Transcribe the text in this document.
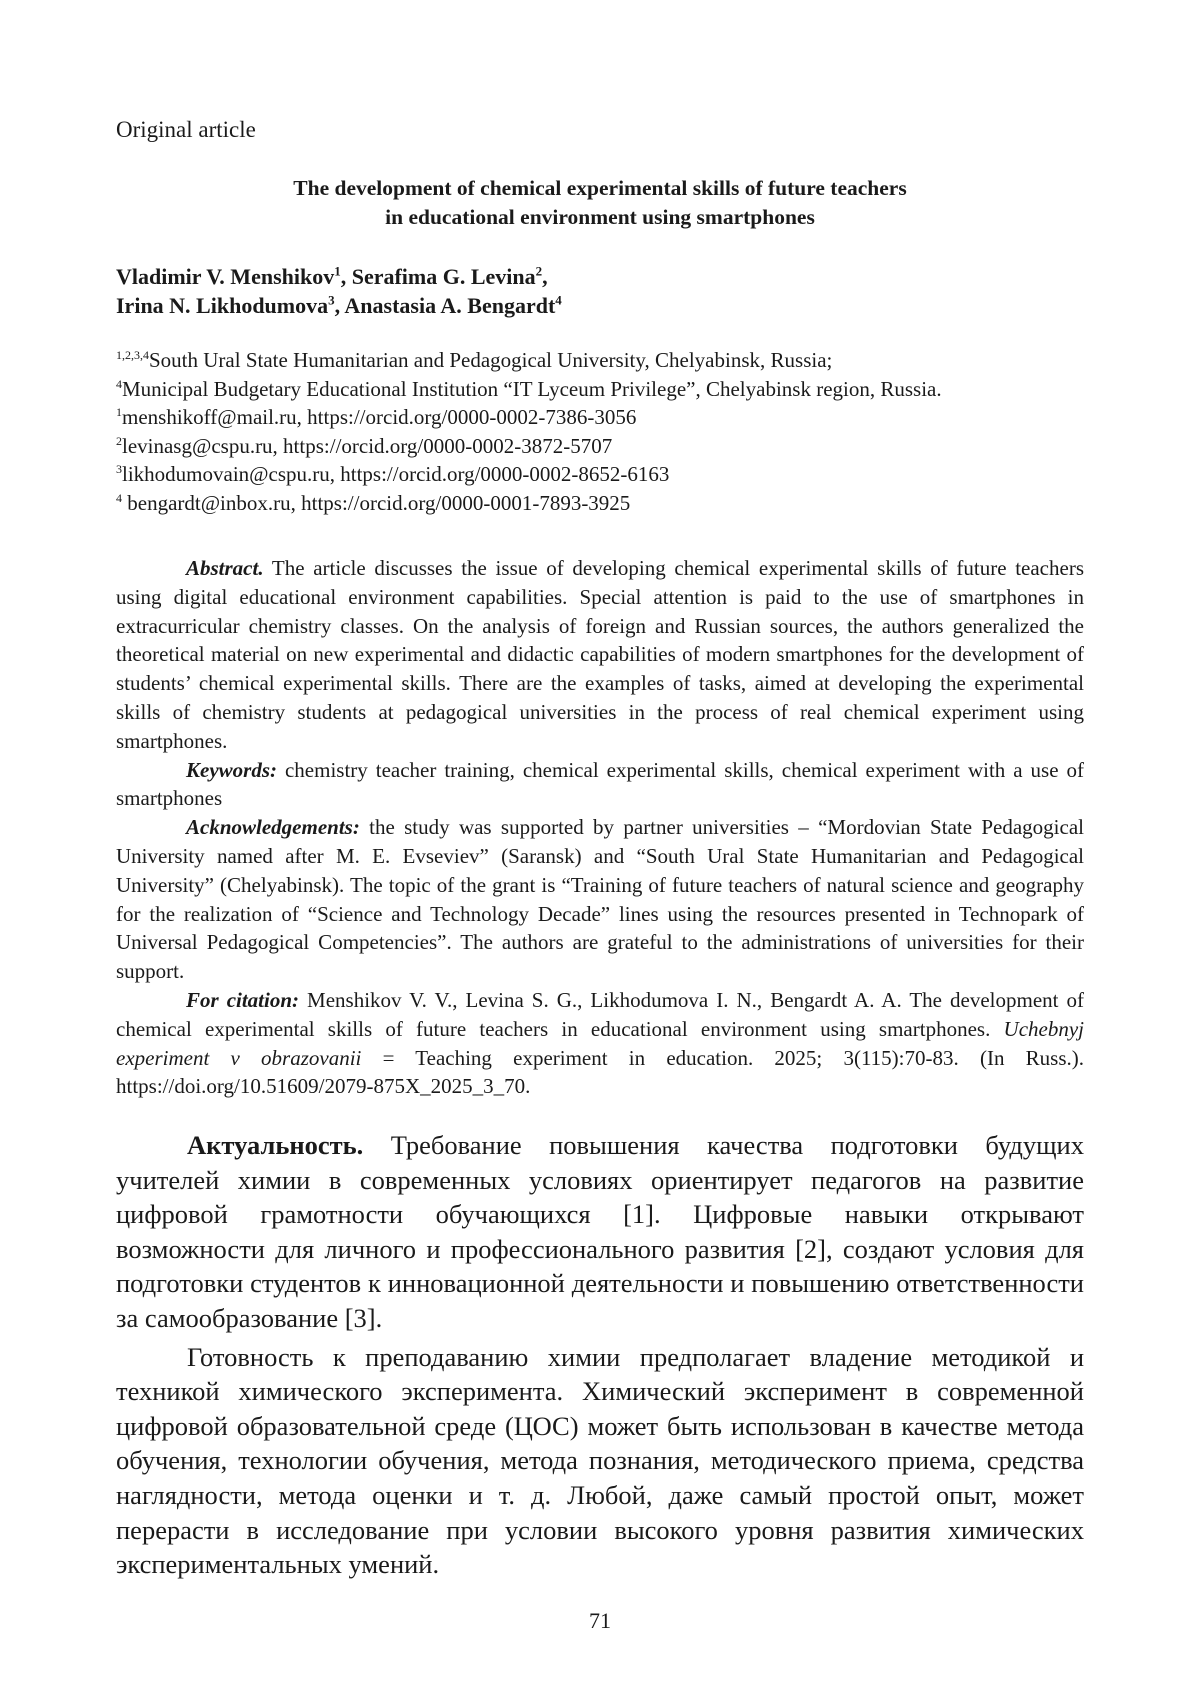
Original article
The development of chemical experimental skills of future teachers
in educational environment using smartphones
Vladimir V. Menshikov$^1$, Serafima G. Levina$^2$,
Irina N. Likhodumova$^3$, Anastasia A. Bengardt$^4$
$^{1,2,3,4}$South Ural State Humanitarian and Pedagogical University, Chelyabinsk, Russia;
$^4$Municipal Budgetary Educational Institution “IT Lyceum Privilege”, Chelyabinsk region, Russia.
$^1$menshikoff@mail.ru, https://orcid.org/0000-0002-7386-3056
$^2$levinasg@cspu.ru, https://orcid.org/0000-0002-3872-5707
$^3$likhodumovain@cspu.ru, https://orcid.org/0000-0002-8652-6163
$^4$ bengardt@inbox.ru, https://orcid.org/0000-0001-7893-3925

Abstract. The article discusses the issue of developing chemical experimental skills of future teachers using digital educational environment capabilities. Special attention is paid to the use of smartphones in extracurricular chemistry classes. On the analysis of foreign and Russian sources, the authors generalized the theoretical material on new experimental and didactic capabilities of modern smartphones for the development of students’ chemical experimental skills. There are the examples of tasks, aimed at developing the experimental skills of chemistry students at pedagogical universities in the process of real chemical experiment using smartphones.

Keywords: chemistry teacher training, chemical experimental skills, chemical experiment with a use of smartphones

Acknowledgements: the study was supported by partner universities – “Mordovian State Pedagogical University named after M. E. Evseviev” (Saransk) and “South Ural State Humanitarian and Pedagogical University” (Chelyabinsk). The topic of the grant is “Training of future teachers of natural science and geography for the realization of “Science and Technology Decade” lines using the resources presented in Technopark of Universal Pedagogical Competencies”. The authors are grateful to the administrations of universities for their support.

For citation: Menshikov V. V., Levina S. G., Likhodumova I. N., Bengardt A. A. The development of chemical experimental skills of future teachers in educational environment using smartphones. Uchebnyj experiment v obrazovanii = Teaching experiment in education. 2025; 3(115):70-83. (In Russ.). https://doi.org/10.51609/2079-875X_2025_3_70.

Актуальность. Требование повышения качества подготовки будущих учителей химии в современных условиях ориентирует педагогов на развитие цифровой грамотности обучающихся [1]. Цифровые навыки открывают возможности для личного и профессионального развития [2], создают условия для подготовки студентов к инновационной деятельности и повышению ответственности за самообразование [3].

Готовность к преподаванию химии предполагает владение методикой и техникой химического эксперимента. Химический эксперимент в современной цифровой образовательной среде (ЦОС) может быть использован в качестве метода обучения, технологии обучения, метода познания, методического приема, средства наглядности, метода оценки и т. д. Любой, даже самый простой опыт, может перерасти в исследование при условии высокого уровня развития химических экспериментальных умений.

71
